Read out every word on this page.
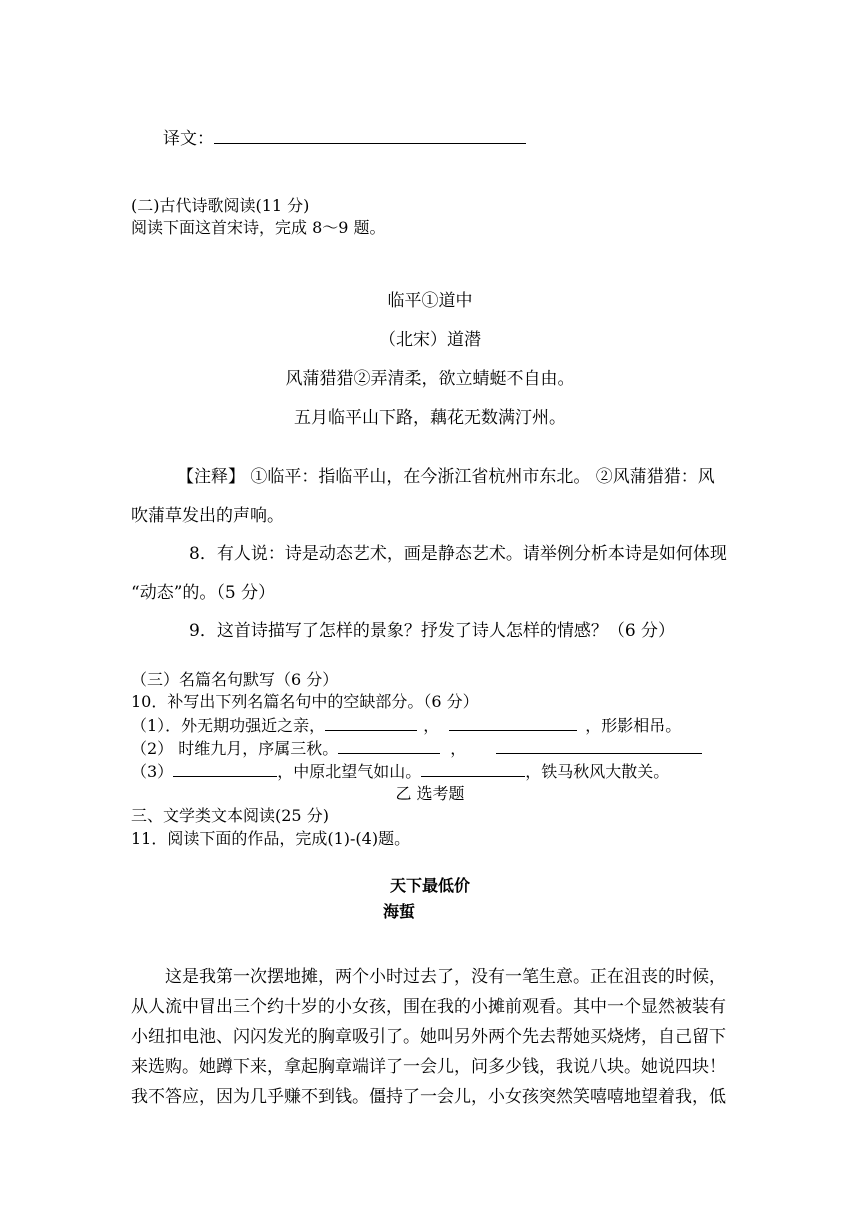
译文：
(二)古代诗歌阅读(11 分)
阅读下面这首宋诗，完成 8～9 题。
临平①道中
（北宋）道潜
风蒲猎猎②弄清柔，欲立蜻蜓不自由。
五月临平山下路，藕花无数满汀州。
【注释】 ①临平：指临平山，在今浙江省杭州市东北。 ②风蒲猎猎：风
吹蒲草发出的声响。
8．有人说：诗是动态艺术，画是静态艺术。请举例分析本诗是如何体现
“动态”的。（5 分）
9．这首诗描写了怎样的景象？抒发了诗人怎样的情感？（6 分）
（三）名篇名句默写（6 分）
10．补写出下列名篇名句中的空缺部分。（6 分）
（1）．外无期功强近之亲，	，	，形影相吊。
（2） 时维九月，序属三秋。	，
（3）	，中原北望气如山。	，铁马秋风大散关。
乙 选考题
三、文学类文本阅读(25 分)
11．阅读下面的作品，完成(1)-(4)题。
天下最低价
海蜇
这是我第一次摆地摊，两个小时过去了，没有一笔生意。正在沮丧的时候，
从人流中冒出三个约十岁的小女孩，围在我的小摊前观看。其中一个显然被装有
小纽扣电池、闪闪发光的胸章吸引了。她叫另外两个先去帮她买烧烤，自己留下
来选购。她蹲下来，拿起胸章端详了一会儿，问多少钱，我说八块。她说四块！
我不答应，因为几乎赚不到钱。僵持了一会儿，小女孩突然笑嘻嘻地望着我，低
